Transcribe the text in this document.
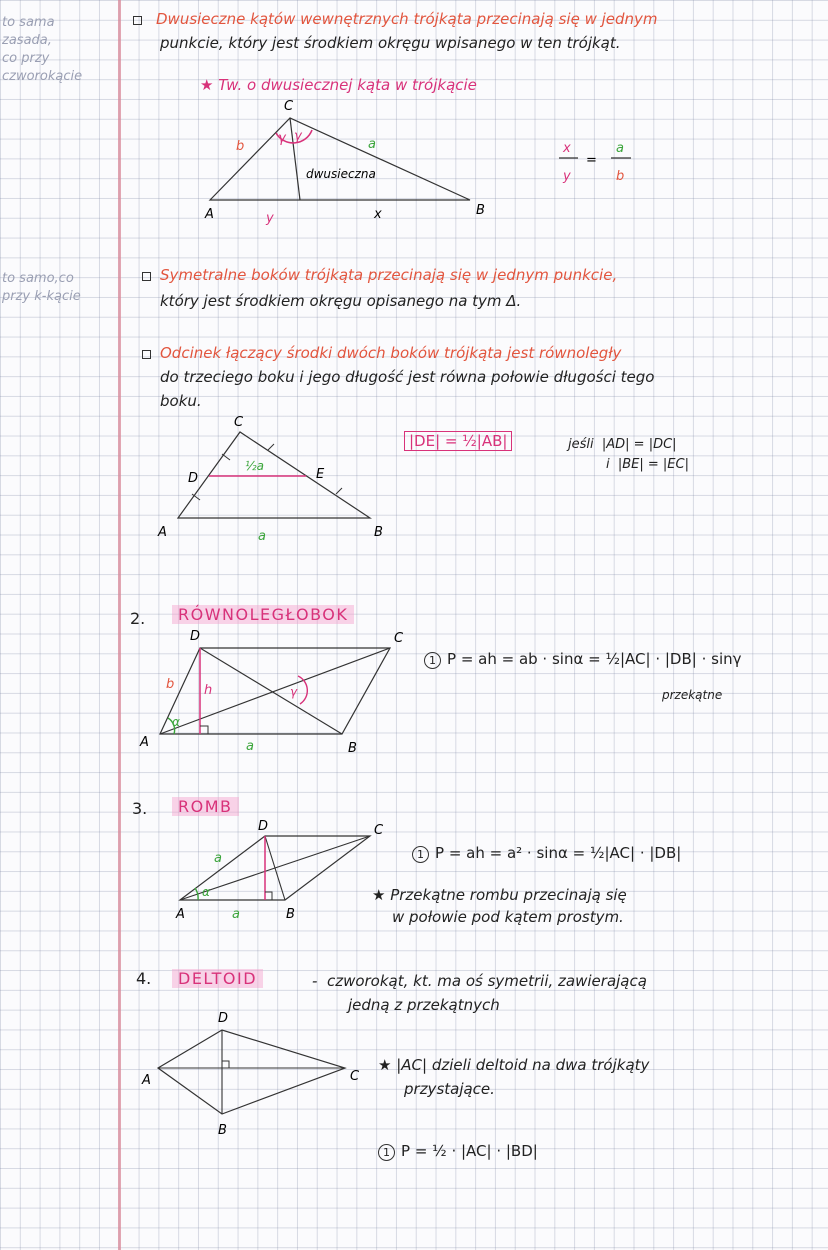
to sama
zasada,
co przy
czworokącie
to samo,co
przy k-kącie
Dwusieczne kątów wewnętrznych trójkąta przecinają się w jednym
punkcie, który jest środkiem okręgu wpisanego w ten trójkąt.
★ Tw. o dwusiecznej kąta w trójkącie
C
A	B
b	a
y	x
γ γ
dwusieczna
x
y
=
a
b
Symetralne boków trójkąta przecinają się w jednym punkcie,
który jest środkiem okręgu opisanego na tym Δ.
Odcinek łączący środki dwóch boków trójkąta jest równoległy
do trzeciego boku i jego długość jest równa połowie długości tego
boku.
|DE| = ½|AB|	jeśli  |AD| = |DC|
i  |BE| = |EC|
C
D	E
A	B
a
½a
2.	RÓWNOLEGŁOBOK
1 P = ah = ab · sinα = ½|AC| · |DB| · sinγ
przekątne
D	C
A	B
b h
a
α
γ
3.	ROMB
1 P = ah = a² · sinα = ½|AC| · |DB|
★ Przekątne rombu przecinają się
w połowie pod kątem prostym.
D	C
A	B
a
a
α
4.	DELTOID	-  czworokąt, kt. ma oś symetrii, zawierającą
jedną z przekątnych
★ |AC| dzieli deltoid na dwa trójkąty
przystające.
1 P = ½ · |AC| · |BD|
D
C
A
B
